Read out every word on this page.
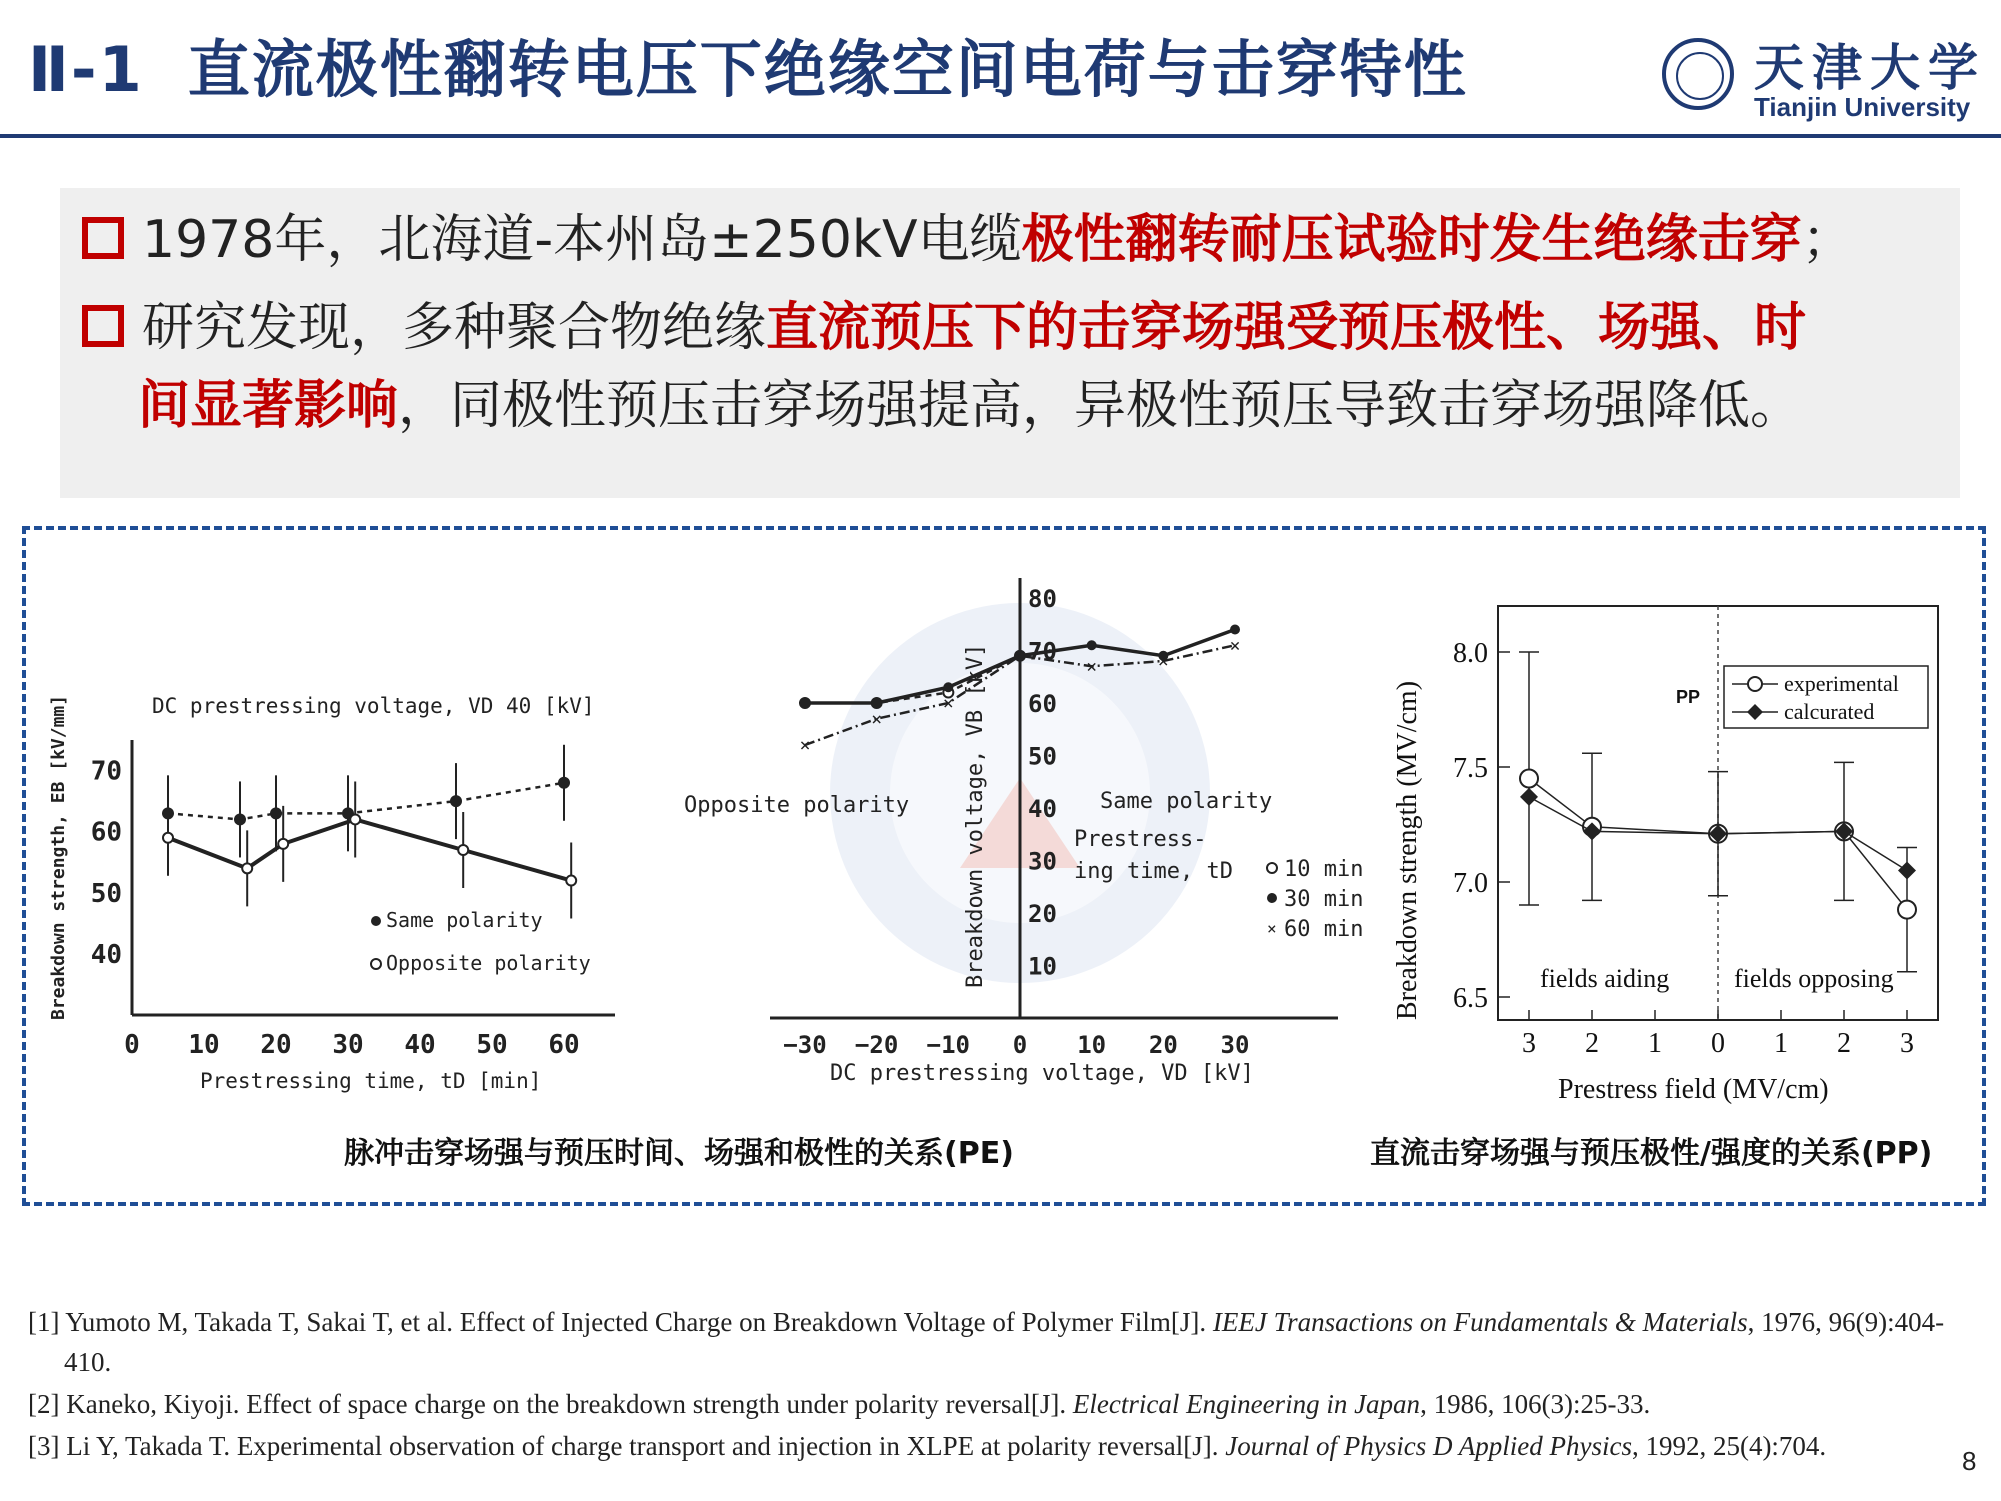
Ⅱ-1 直流极性翻转电压下绝缘空间电荷与击穿特性	天津大学
Tianjin University
1978年，北海道-本州岛±250kV电缆极性翻转耐压试验时发生绝缘击穿；
研究发现，多种聚合物绝缘直流预压下的击穿场强受预压极性、场强、时
间显著影响，同极性预压击穿场强提高，异极性预压导致击穿场强降低。
DC prestressing voltage, VD 40 [kV]
Breakdown strength, EB [kV/mm]
Prestressing time, tD [min]
0 10 20 30 40 50 60
40
50
60
70
Same polarity
Opposite polarity
−30 −20 −10 0 10 20 30
10
20
30
40
50
60
70
80
×
×
×
×	×	×
×
Opposite polarity	Same polarity
Prestress-
ing time, tD 10 min
30 min
× 60 min
Breakdown voltage, VB [kV]
DC prestressing voltage, VD [kV]
3 2 1 0 1 2 3
6.5
7.0
7.5
8.0
Breakdown strength (MV/cm)
Prestress field (MV/cm)
PP
experimental
calcurated
fields aiding fields opposing
脉冲击穿场强与预压时间、场强和极性的关系(PE)	直流击穿场强与预压极性/强度的关系(PP)
[1] Yumoto M, Takada T, Sakai T, et al. Effect of Injected Charge on Breakdown Voltage of Polymer Film[J]. IEEJ Transactions on Fundamentals & Materials, 1976, 96(9):404-410.
[2] Kaneko, Kiyoji. Effect of space charge on the breakdown strength under polarity reversal[J]. Electrical Engineering in Japan, 1986, 106(3):25-33.
[3] Li Y, Takada T. Experimental observation of charge transport and injection in XLPE at polarity reversal[J]. Journal of Physics D Applied Physics, 1992, 25(4):704.	8
